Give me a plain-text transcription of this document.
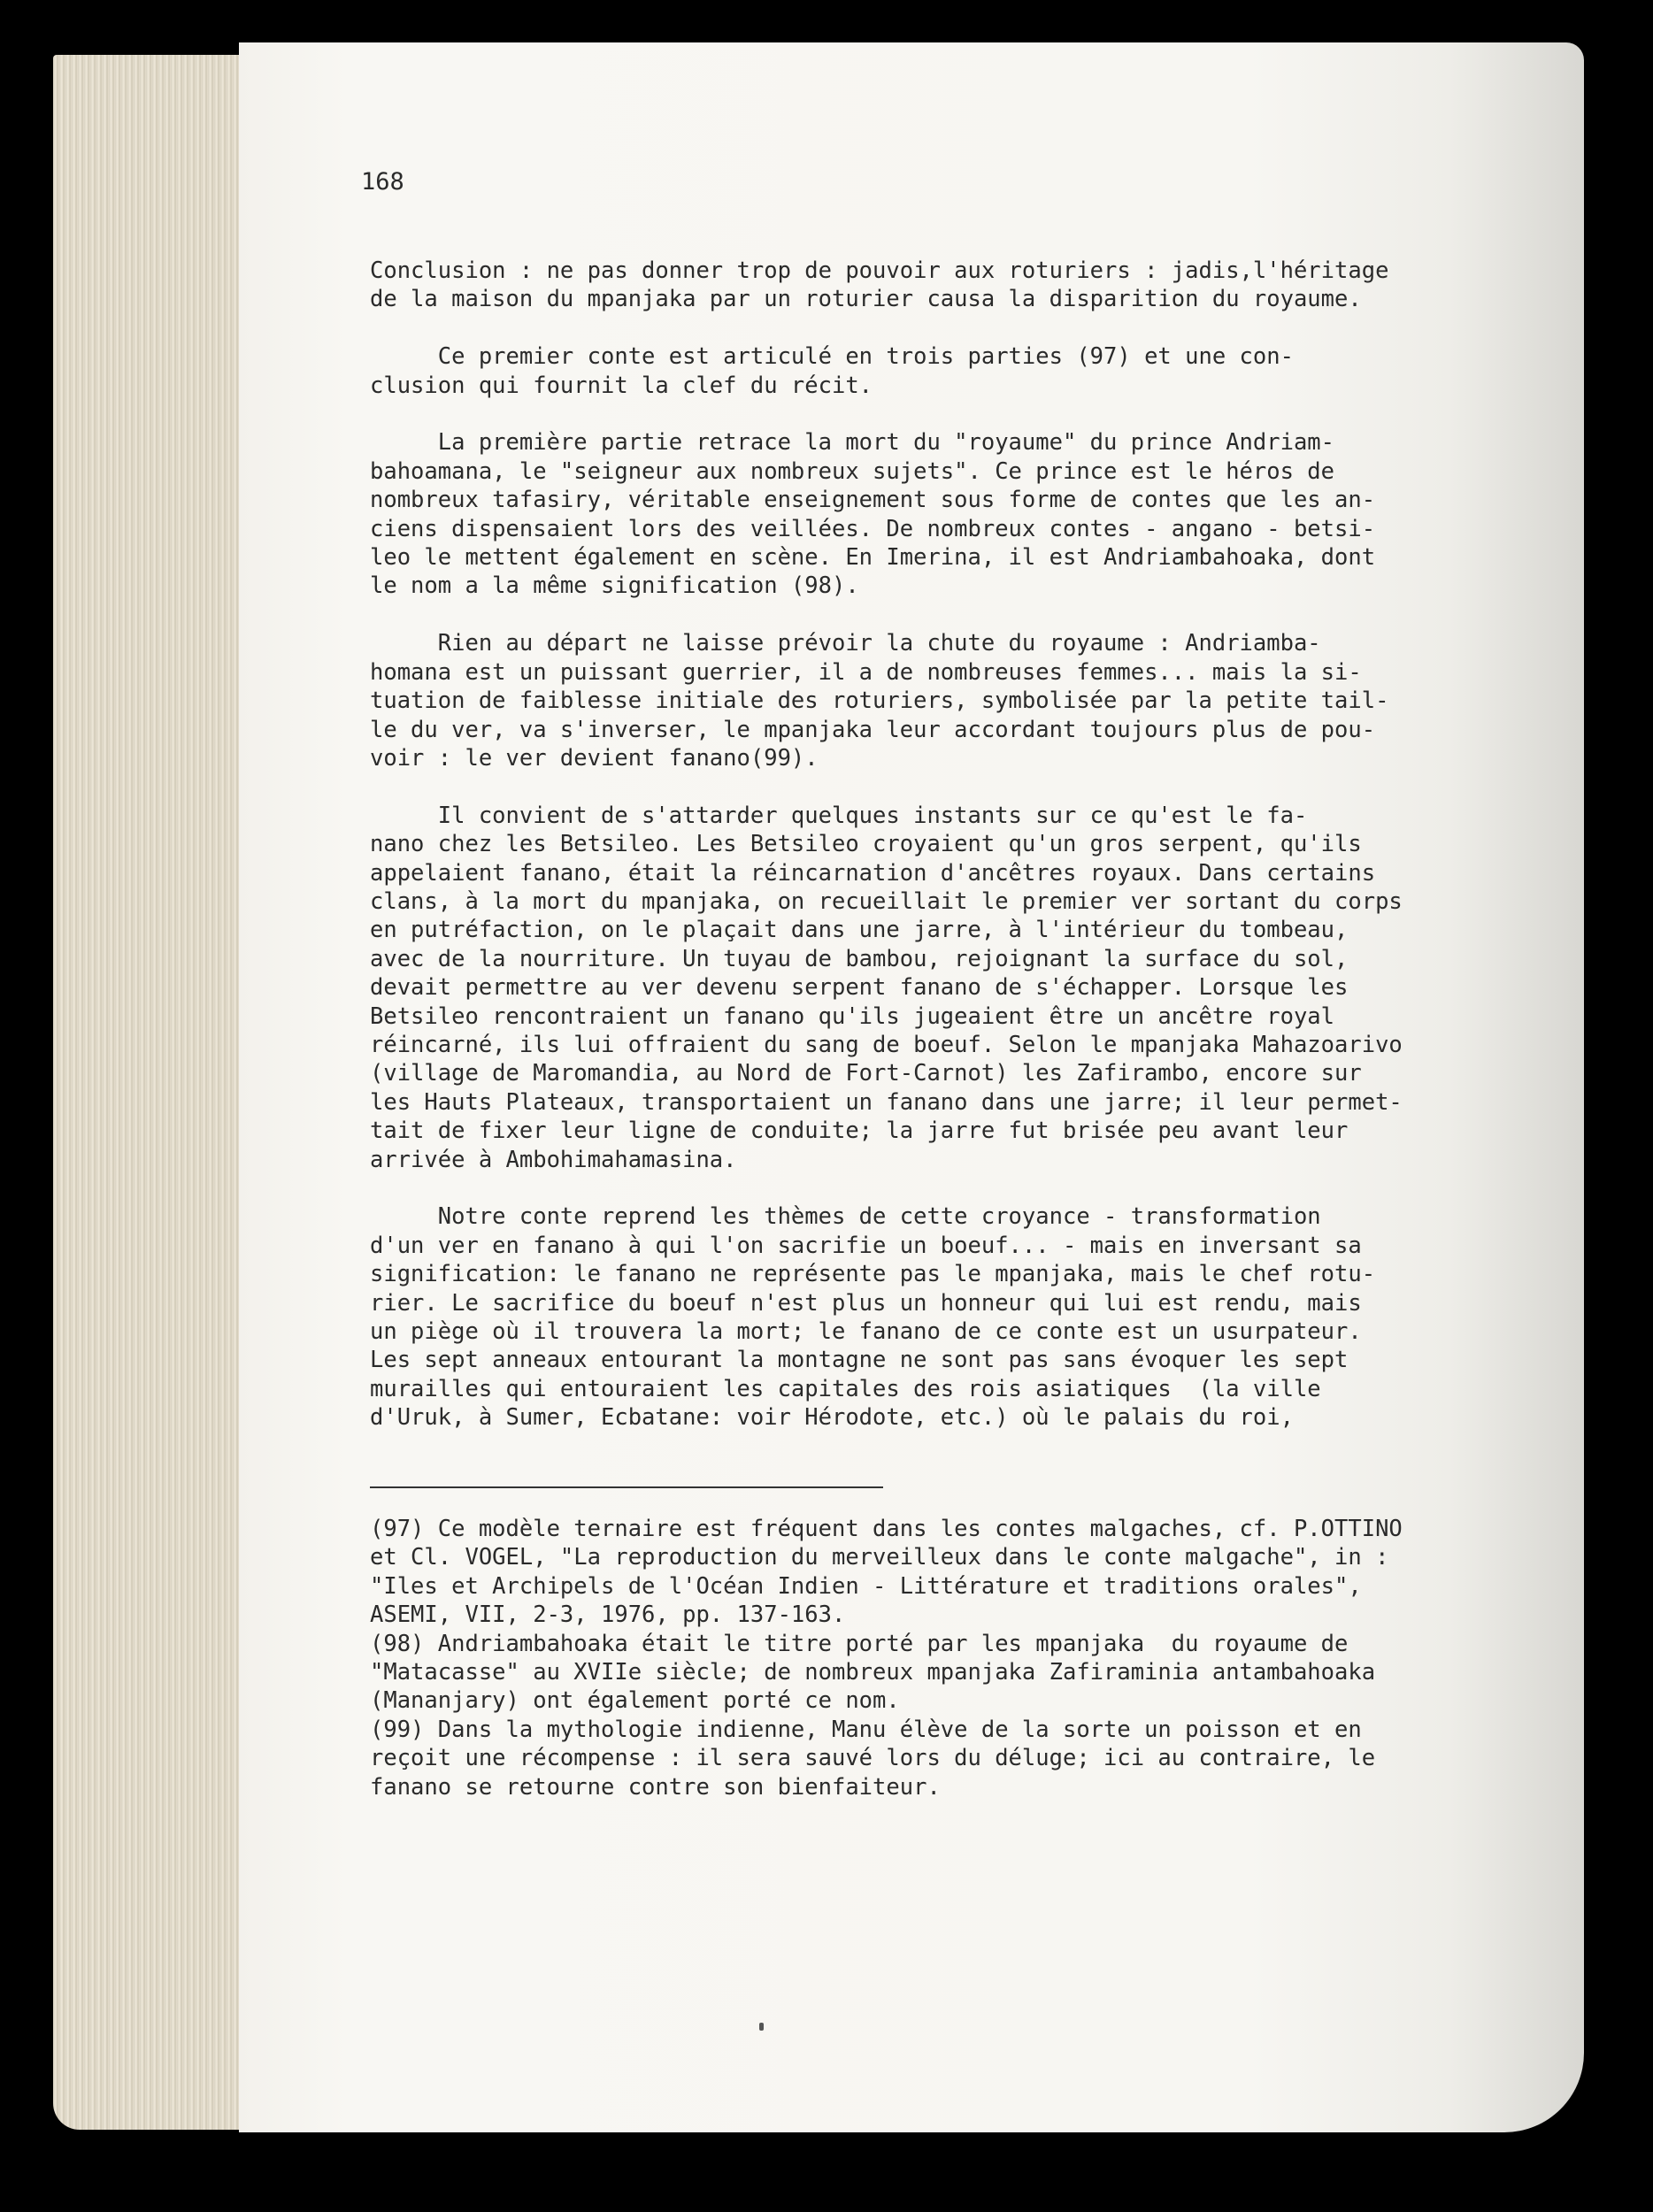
168
Conclusion : ne pas donner trop de pouvoir aux roturiers : jadis,l'héritage
de la maison du mpanjaka par un roturier causa la disparition du royaume.

Ce premier conte est articulé en trois parties (97) et une con-
clusion qui fournit la clef du récit.

La première partie retrace la mort du "royaume" du prince Andriam-
bahoamana, le "seigneur aux nombreux sujets". Ce prince est le héros de
nombreux tafasiry, véritable enseignement sous forme de contes que les an-
ciens dispensaient lors des veillées. De nombreux contes - angano - betsi-
leo le mettent également en scène. En Imerina, il est Andriambahoaka, dont
le nom a la même signification (98).

Rien au départ ne laisse prévoir la chute du royaume : Andriamba-
homana est un puissant guerrier, il a de nombreuses femmes... mais la si-
tuation de faiblesse initiale des roturiers, symbolisée par la petite tail-
le du ver, va s'inverser, le mpanjaka leur accordant toujours plus de pou-
voir : le ver devient fanano(99).

Il convient de s'attarder quelques instants sur ce qu'est le fa-
nano chez les Betsileo. Les Betsileo croyaient qu'un gros serpent, qu'ils
appelaient fanano, était la réincarnation d'ancêtres royaux. Dans certains
clans, à la mort du mpanjaka, on recueillait le premier ver sortant du corps
en putréfaction, on le plaçait dans une jarre, à l'intérieur du tombeau,
avec de la nourriture. Un tuyau de bambou, rejoignant la surface du sol,
devait permettre au ver devenu serpent fanano de s'échapper. Lorsque les
Betsileo rencontraient un fanano qu'ils jugeaient être un ancêtre royal
réincarné, ils lui offraient du sang de boeuf. Selon le mpanjaka Mahazoarivo
(village de Maromandia, au Nord de Fort-Carnot) les Zafirambo, encore sur
les Hauts Plateaux, transportaient un fanano dans une jarre; il leur permet-
tait de fixer leur ligne de conduite; la jarre fut brisée peu avant leur
arrivée à Ambohimahamasina.

Notre conte reprend les thèmes de cette croyance - transformation
d'un ver en fanano à qui l'on sacrifie un boeuf... - mais en inversant sa
signification: le fanano ne représente pas le mpanjaka, mais le chef rotu-
rier. Le sacrifice du boeuf n'est plus un honneur qui lui est rendu, mais
un piège où il trouvera la mort; le fanano de ce conte est un usurpateur.
Les sept anneaux entourant la montagne ne sont pas sans évoquer les sept
murailles qui entouraient les capitales des rois asiatiques  (la ville
d'Uruk, à Sumer, Ecbatane: voir Hérodote, etc.) où le palais du roi,
(97) Ce modèle ternaire est fréquent dans les contes malgaches, cf. P.OTTINO
et Cl. VOGEL, "La reproduction du merveilleux dans le conte malgache", in :
"Iles et Archipels de l'Océan Indien - Littérature et traditions orales",
ASEMI, VII, 2-3, 1976, pp. 137-163.
(98) Andriambahoaka était le titre porté par les mpanjaka  du royaume de
"Matacasse" au XVIIe siècle; de nombreux mpanjaka Zafiraminia antambahoaka
(Mananjary) ont également porté ce nom.
(99) Dans la mythologie indienne, Manu élève de la sorte un poisson et en
reçoit une récompense : il sera sauvé lors du déluge; ici au contraire, le
fanano se retourne contre son bienfaiteur.
